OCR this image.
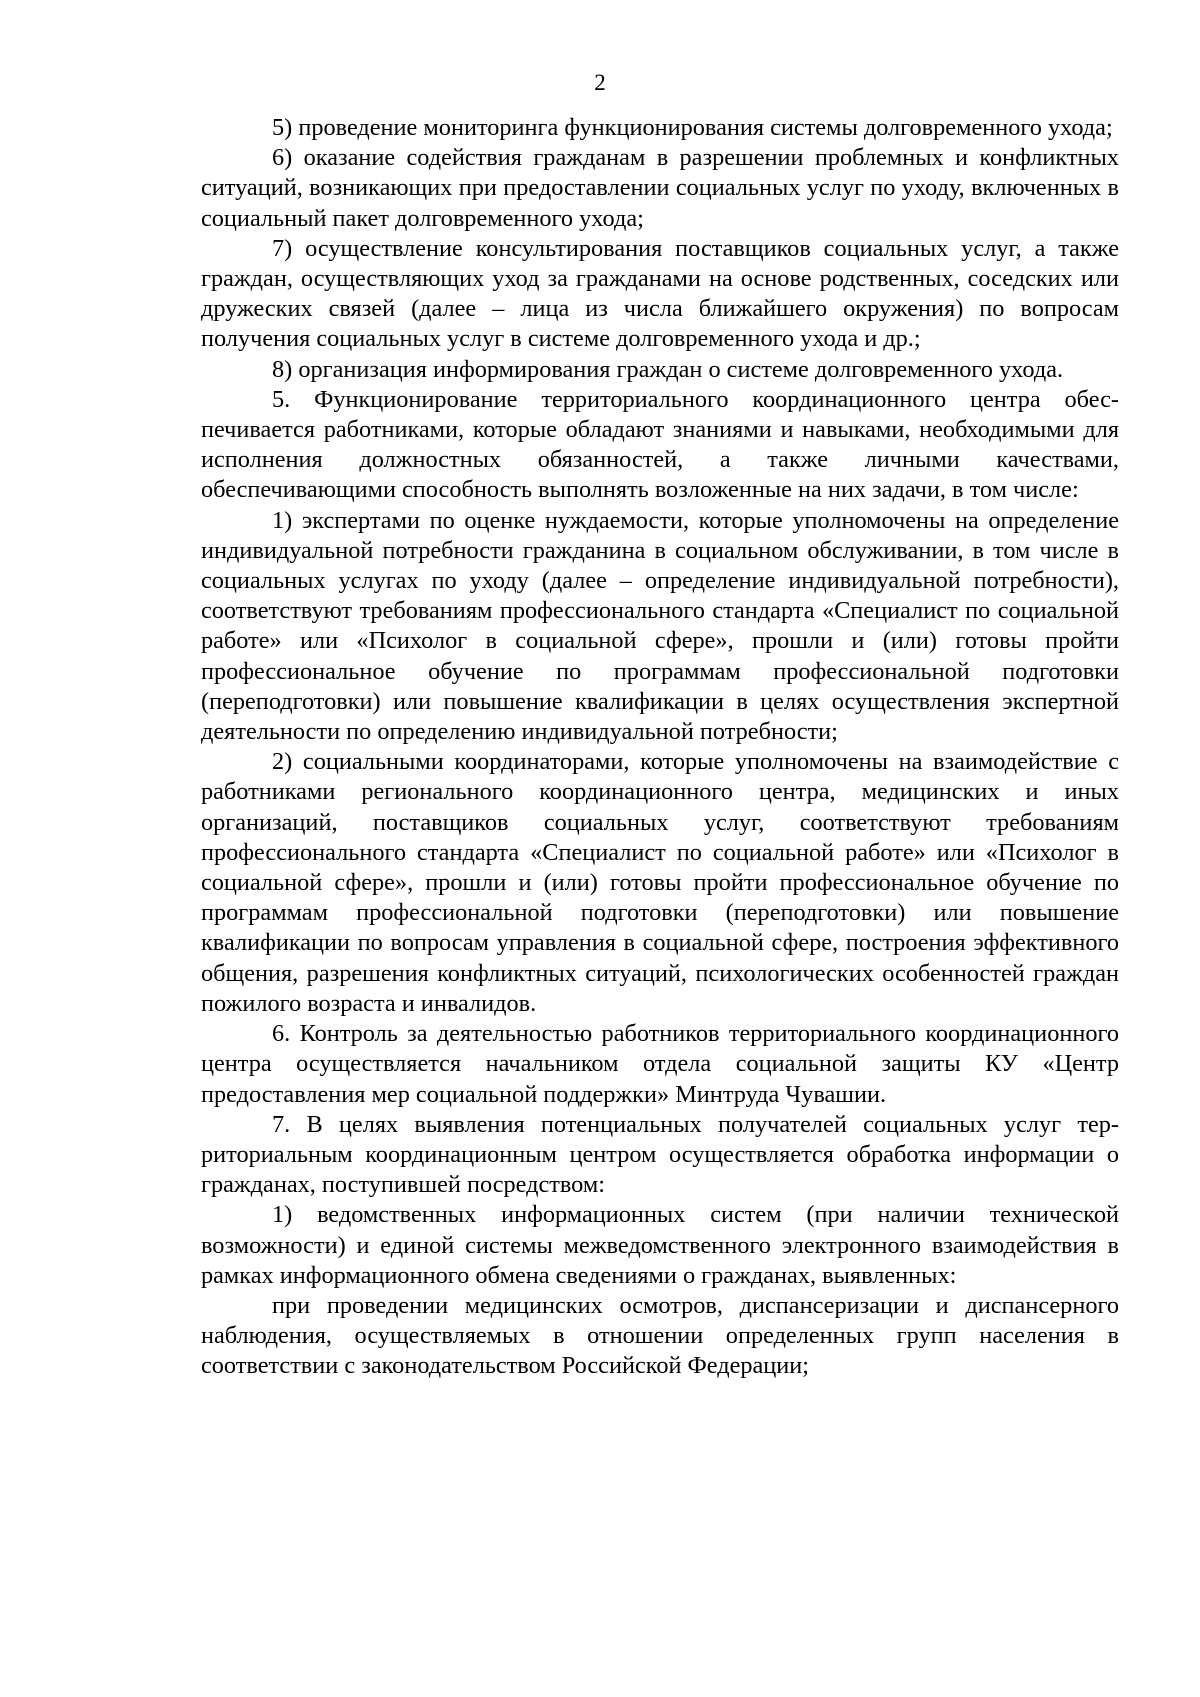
2

5) проведение мониторинга функционирования системы долговременного ухода;

6) оказание содействия гражданам в разрешении проблемных и конфликтных ситуаций, возникающих при предоставлении социальных услуг по уходу, включенных в социальный пакет долговременного ухода;

7) осуществление консультирования поставщиков социальных услуг, а также граждан, осуществляющих уход за гражданами на основе родственных, соседских или дружеских связей (далее – лица из числа ближайшего окружения) по вопросам получения социальных услуг в системе долговременного ухода и др.;

8) организация информирования граждан о системе долговременного ухода.

5. Функционирование территориального координационного центра обеспечивается работниками, которые обладают знаниями и навыками, необходимыми для исполнения должностных обязанностей, а также личными качествами, обеспечивающими способность выполнять возложенные на них задачи, в том числе:

1) экспертами по оценке нуждаемости, которые уполномочены на определение индивидуальной потребности гражданина в социальном обслуживании, в том числе в социальных услугах по уходу (далее – определение индивидуальной потребности), соответствуют требованиям профессионального стандарта «Специалист по социальной работе» или «Психолог в социальной сфере», прошли и (или) готовы пройти профессиональное обучение по программам профессиональной подготовки (переподготовки) или повышение квалификации в целях осуществления экспертной деятельности по определению индивидуальной потребности;

2) социальными координаторами, которые уполномочены на взаимодействие с работниками регионального координационного центра, медицинских и иных организаций, поставщиков социальных услуг, соответствуют требованиям профессионального стандарта «Специалист по социальной работе» или «Психолог в социальной сфере», прошли и (или) готовы пройти профессиональное обучение по программам профессиональной подготовки (переподготовки) или повышение квалификации по вопросам управления в социальной сфере, построения эффективного общения, разрешения конфликтных ситуаций, психологических особенностей граждан пожилого возраста и инвалидов.

6. Контроль за деятельностью работников территориального координационного центра осуществляется начальником отдела социальной защиты КУ «Центр предоставления мер социальной поддержки» Минтруда Чувашии.

7. В целях выявления потенциальных получателей социальных услуг территориальным координационным центром осуществляется обработка информации о гражданах, поступившей посредством:

1) ведомственных информационных систем (при наличии технической возможности) и единой системы межведомственного электронного взаимодействия в рамках информационного обмена сведениями о гражданах, выявленных:

при проведении медицинских осмотров, диспансеризации и диспансерного наблюдения, осуществляемых в отношении определенных групп населения в соответствии с законодательством Российской Федерации;
